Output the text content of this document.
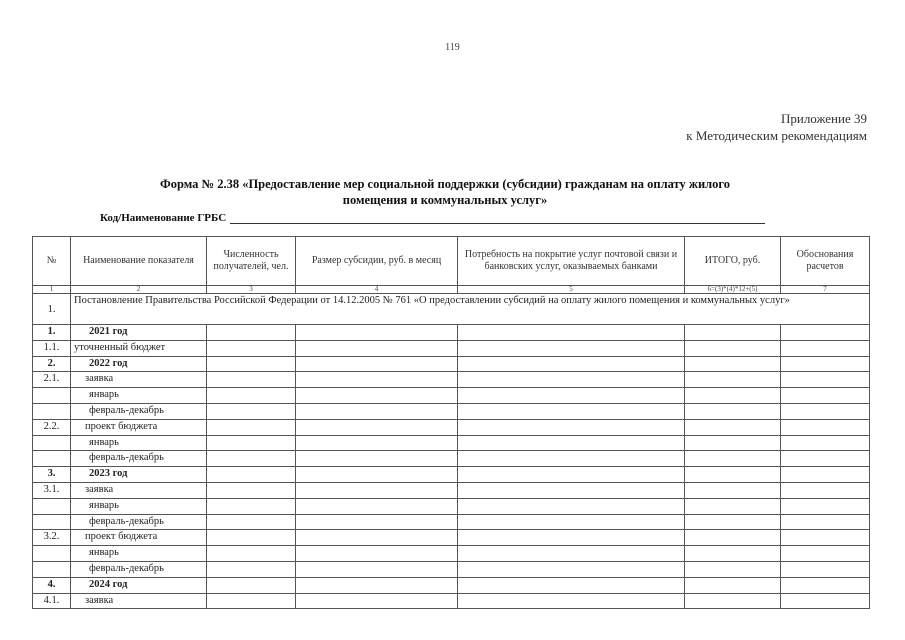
119
Приложение 39
к Методическим рекомендациям
Форма № 2.38 «Предоставление мер социальной поддержки (субсидии) гражданам на оплату жилого
помещения и коммунальных услуг»
Код/Наименование ГРБС
№	Наименование показателя	Численность получателей, чел.	Размер субсидии, руб. в месяц	Потребность на покрытие услуг почтовой связи и банковских услуг, оказываемых банками	ИТОГО, руб.	Обоснования расчетов
1	2	3	4	5	6=(3)*(4)*12+(5)	7
1.	Постановление Правительства Российской Федерации от 14.12.2005 № 761 «О предоставлении субсидий на оплату жилого помещения и коммунальных услуг»					
1.	2021 год					
1.1.	уточненный бюджет					
2.	2022 год					
2.1.	заявка					
	январь					
	февраль-декабрь					
2.2.	проект бюджета					
	январь					
	февраль-декабрь					
3.	2023 год					
3.1.	заявка					
	январь					
	февраль-декабрь					
3.2.	проект бюджета					
	январь					
	февраль-декабрь					
4.	2024 год					
4.1.	заявка					
